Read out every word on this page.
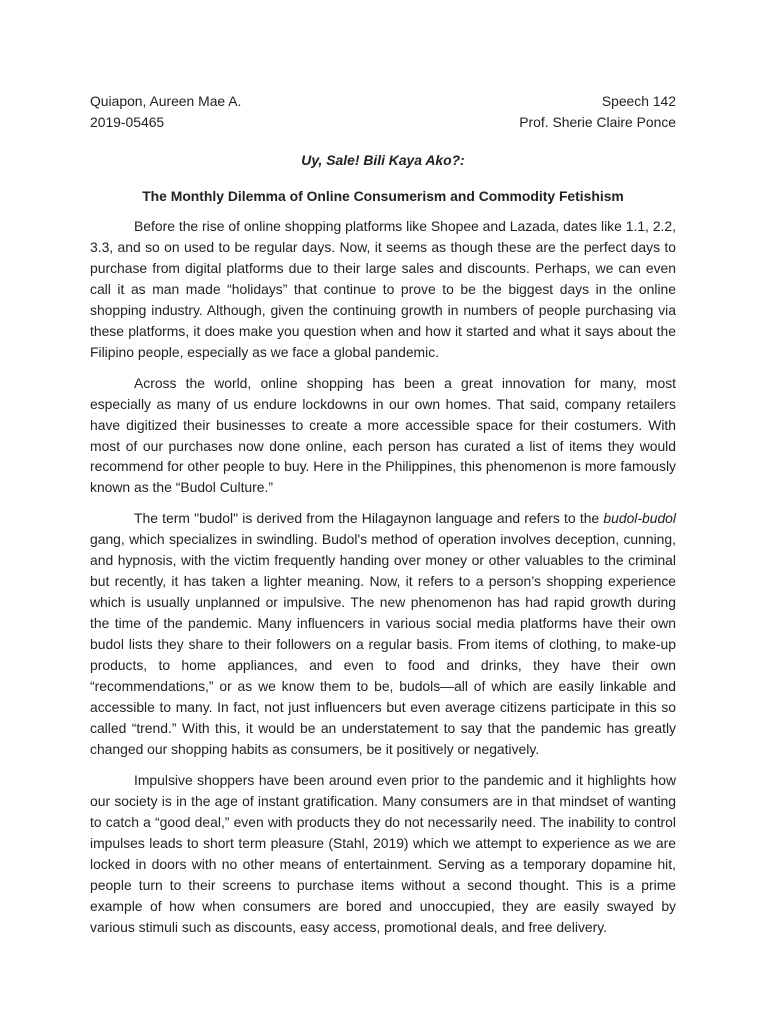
Quiapon, Aureen Mae A.	Speech 142
2019-05465	Prof. Sherie Claire Ponce
Uy, Sale! Bili Kaya Ako?:
The Monthly Dilemma of Online Consumerism and Commodity Fetishism

Before the rise of online shopping platforms like Shopee and Lazada, dates like 1.1, 2.2, 3.3, and so on used to be regular days. Now, it seems as though these are the perfect days to purchase from digital platforms due to their large sales and discounts. Perhaps, we can even call it as man made “holidays” that continue to prove to be the biggest days in the online shopping industry. Although, given the continuing growth in numbers of people purchasing via these platforms, it does make you question when and how it started and what it says about the Filipino people, especially as we face a global pandemic.

Across the world, online shopping has been a great innovation for many, most especially as many of us endure lockdowns in our own homes. That said, company retailers have digitized their businesses to create a more accessible space for their costumers. With most of our purchases now done online, each person has curated a list of items they would recommend for other people to buy. Here in the Philippines, this phenomenon is more famously known as the “Budol Culture.”

The term "budol" is derived from the Hilagaynon language and refers to the budol-budol gang, which specializes in swindling. Budol's method of operation involves deception, cunning, and hypnosis, with the victim frequently handing over money or other valuables to the criminal but recently, it has taken a lighter meaning. Now, it refers to a person’s shopping experience which is usually unplanned or impulsive. The new phenomenon has had rapid growth during the time of the pandemic. Many influencers in various social media platforms have their own budol lists they share to their followers on a regular basis. From items of clothing, to make-up products, to home appliances, and even to food and drinks, they have their own “recommendations,” or as we know them to be, budols—all of which are easily linkable and accessible to many. In fact, not just influencers but even average citizens participate in this so called “trend.” With this, it would be an understatement to say that the pandemic has greatly changed our shopping habits as consumers, be it positively or negatively.

Impulsive shoppers have been around even prior to the pandemic and it highlights how our society is in the age of instant gratification. Many consumers are in that mindset of wanting to catch a “good deal,” even with products they do not necessarily need. The inability to control impulses leads to short term pleasure (Stahl, 2019) which we attempt to experience as we are locked in doors with no other means of entertainment. Serving as a temporary dopamine hit, people turn to their screens to purchase items without a second thought. This is a prime example of how when consumers are bored and unoccupied, they are easily swayed by various stimuli such as discounts, easy access, promotional deals, and free delivery.
